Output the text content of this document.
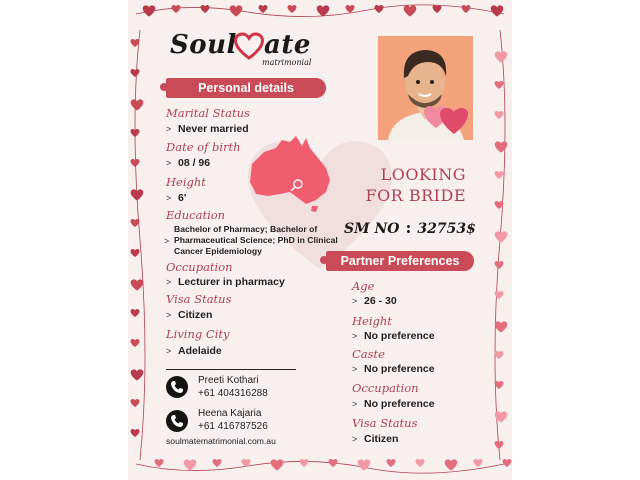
Soul ate
matrimonial
Personal details
Marital Status
> Never married
Date of birth
> 08 / 96
Height
> 6'
Education
>
Bachelor of Pharmacy; Bachelor of Pharmaceutical Science; PhD in Clinical Cancer Epidemiology
Occupation
> Lecturer in pharmacy
Visa Status
> Citizen
Living City
> Adelaide
LOOKING FOR BRIDE
SM NO : 32753$
Partner Preferences
Age
> 26 - 30
Height
> No preference
Caste
> No preference
Occupation
> No preference
Visa Status
> Citizen
Preeti Kothari
+61 404316288
Heena Kajaria
+61 416787526
soulmatematrimonial.com.au
